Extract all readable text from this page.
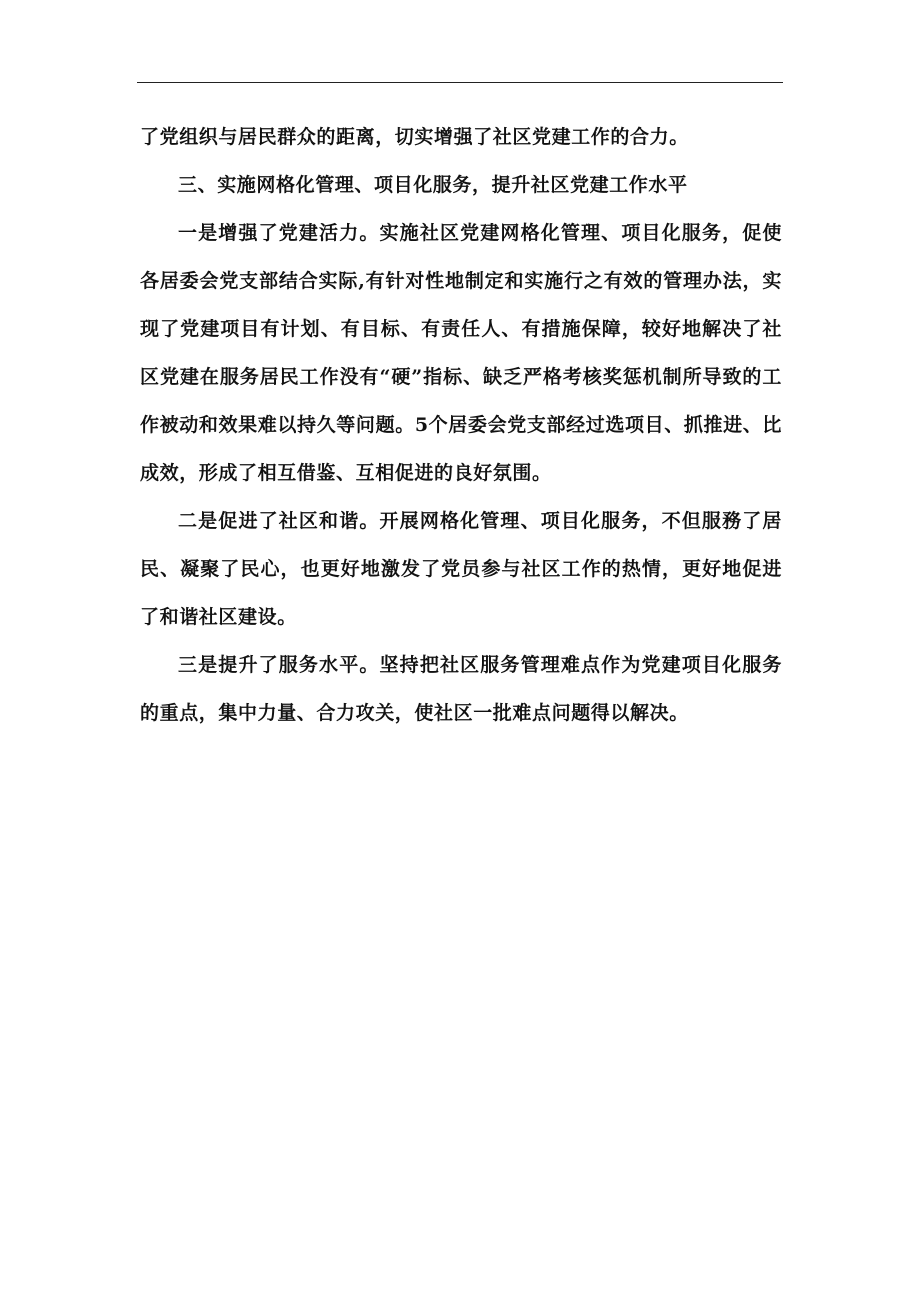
了党组织与居民群众的距离，切实增强了社区党建工作的合力。

三、实施网格化管理、项目化服务，提升社区党建工作水平

一是增强了党建活力。实施社区党建网格化管理、项目化服务，促使各居委会党支部结合实际,有针对性地制定和实施行之有效的管理办法，实现了党建项目有计划、有目标、有责任人、有措施保障，较好地解决了社区党建在服务居民工作没有“硬”指标、缺乏严格考核奖惩机制所导致的工作被动和效果难以持久等问题。5个居委会党支部经过选项目、抓推进、比成效，形成了相互借鉴、互相促进的良好氛围。

二是促进了社区和谐。开展网格化管理、项目化服务，不但服務了居民、凝聚了民心，也更好地激发了党员参与社区工作的热情，更好地促进了和谐社区建设。

三是提升了服务水平。坚持把社区服务管理难点作为党建项目化服务的重点，集中力量、合力攻关，使社区一批难点问题得以解决。
